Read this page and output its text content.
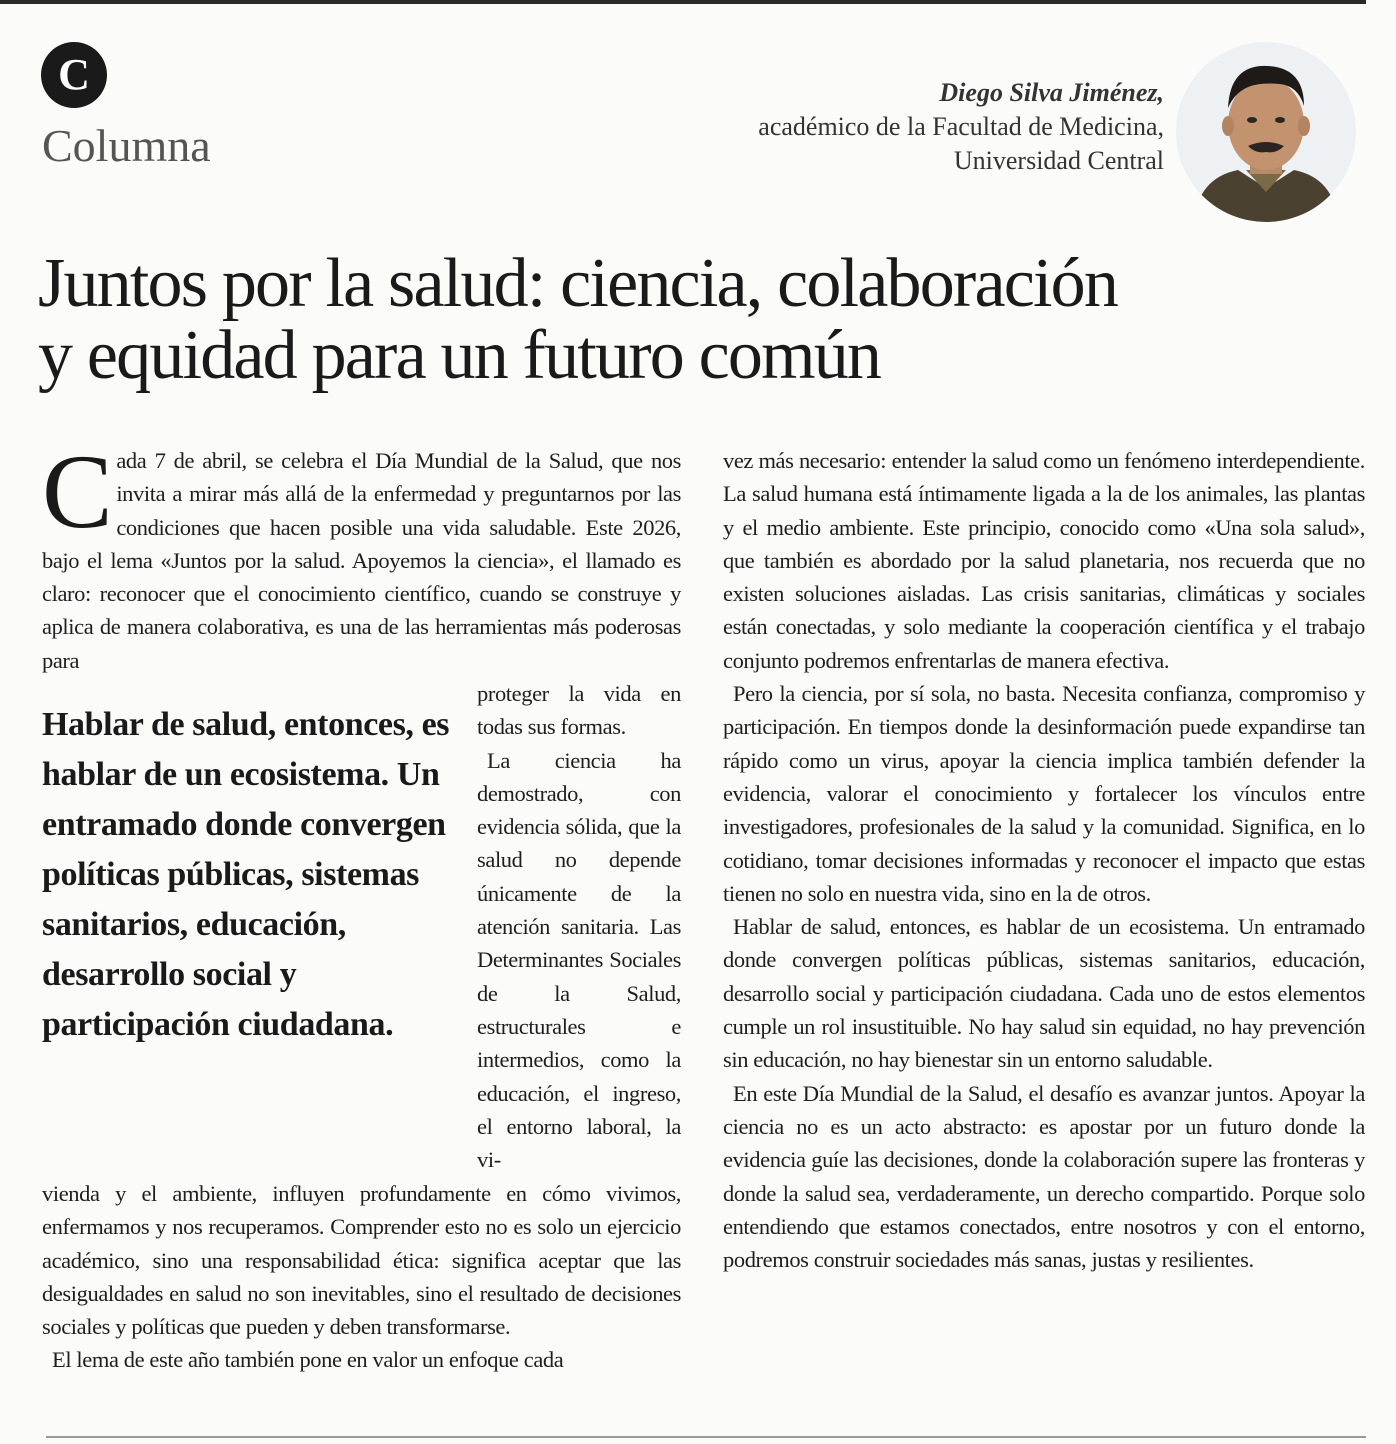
C
Columna
Diego Silva Jiménez,
académico de la Facultad de Medicina,
Universidad Central
Juntos por la salud: ciencia, colaboración
y equidad para un futuro común

Cada 7 de abril, se celebra el Día Mundial de la Salud, que nos invita a mirar más allá de la enfermedad y preguntarnos por las condiciones que hacen posible una vida saludable. Este 2026, bajo el lema «Juntos por la salud. Apoyemos la ciencia», el llamado es claro: reconocer que el conocimiento científico, cuando se construye y aplica de manera colaborativa, es una de las herramientas más poderosas para

Hablar de salud, entonces, es hablar de un ecosistema. Un entramado donde convergen políticas públicas, sistemas sanitarios, educación, desarrollo social y participación ciudadana.

proteger la vida en todas sus formas.

La ciencia ha demostrado, con evidencia sólida, que la salud no depende únicamente de la atención sanitaria. Las Determinantes Sociales de la Salud, estructurales e intermedios, como la educación, el ingreso, el entorno laboral, la vi-

vienda y el ambiente, influyen profundamente en cómo vivimos, enfermamos y nos recuperamos. Comprender esto no es solo un ejercicio académico, sino una responsabilidad ética: significa aceptar que las desigualdades en salud no son inevitables, sino el resultado de decisiones sociales y políticas que pueden y deben transformarse.

El lema de este año también pone en valor un enfoque cada

vez más necesario: entender la salud como un fenómeno interdependiente. La salud humana está íntimamente ligada a la de los animales, las plantas y el medio ambiente. Este principio, conocido como «Una sola salud», que también es abordado por la salud planetaria, nos recuerda que no existen soluciones aisladas. Las crisis sanitarias, climáticas y sociales están conectadas, y solo mediante la cooperación científica y el trabajo conjunto podremos enfrentarlas de manera efectiva.

Pero la ciencia, por sí sola, no basta. Necesita confianza, compromiso y participación. En tiempos donde la desinformación puede expandirse tan rápido como un virus, apoyar la ciencia implica también defender la evidencia, valorar el conocimiento y fortalecer los vínculos entre investigadores, profesionales de la salud y la comunidad. Significa, en lo cotidiano, tomar decisiones informadas y reconocer el impacto que estas tienen no solo en nuestra vida, sino en la de otros.

Hablar de salud, entonces, es hablar de un ecosistema. Un entramado donde convergen políticas públicas, sistemas sanitarios, educación, desarrollo social y participación ciudadana. Cada uno de estos elementos cumple un rol insustituible. No hay salud sin equidad, no hay prevención sin educación, no hay bienestar sin un entorno saludable.

En este Día Mundial de la Salud, el desafío es avanzar juntos. Apoyar la ciencia no es un acto abstracto: es apostar por un futuro donde la evidencia guíe las decisiones, donde la colaboración supere las fronteras y donde la salud sea, verdaderamente, un derecho compartido. Porque solo entendiendo que estamos conectados, entre nosotros y con el entorno, podremos construir sociedades más sanas, justas y resilientes.
